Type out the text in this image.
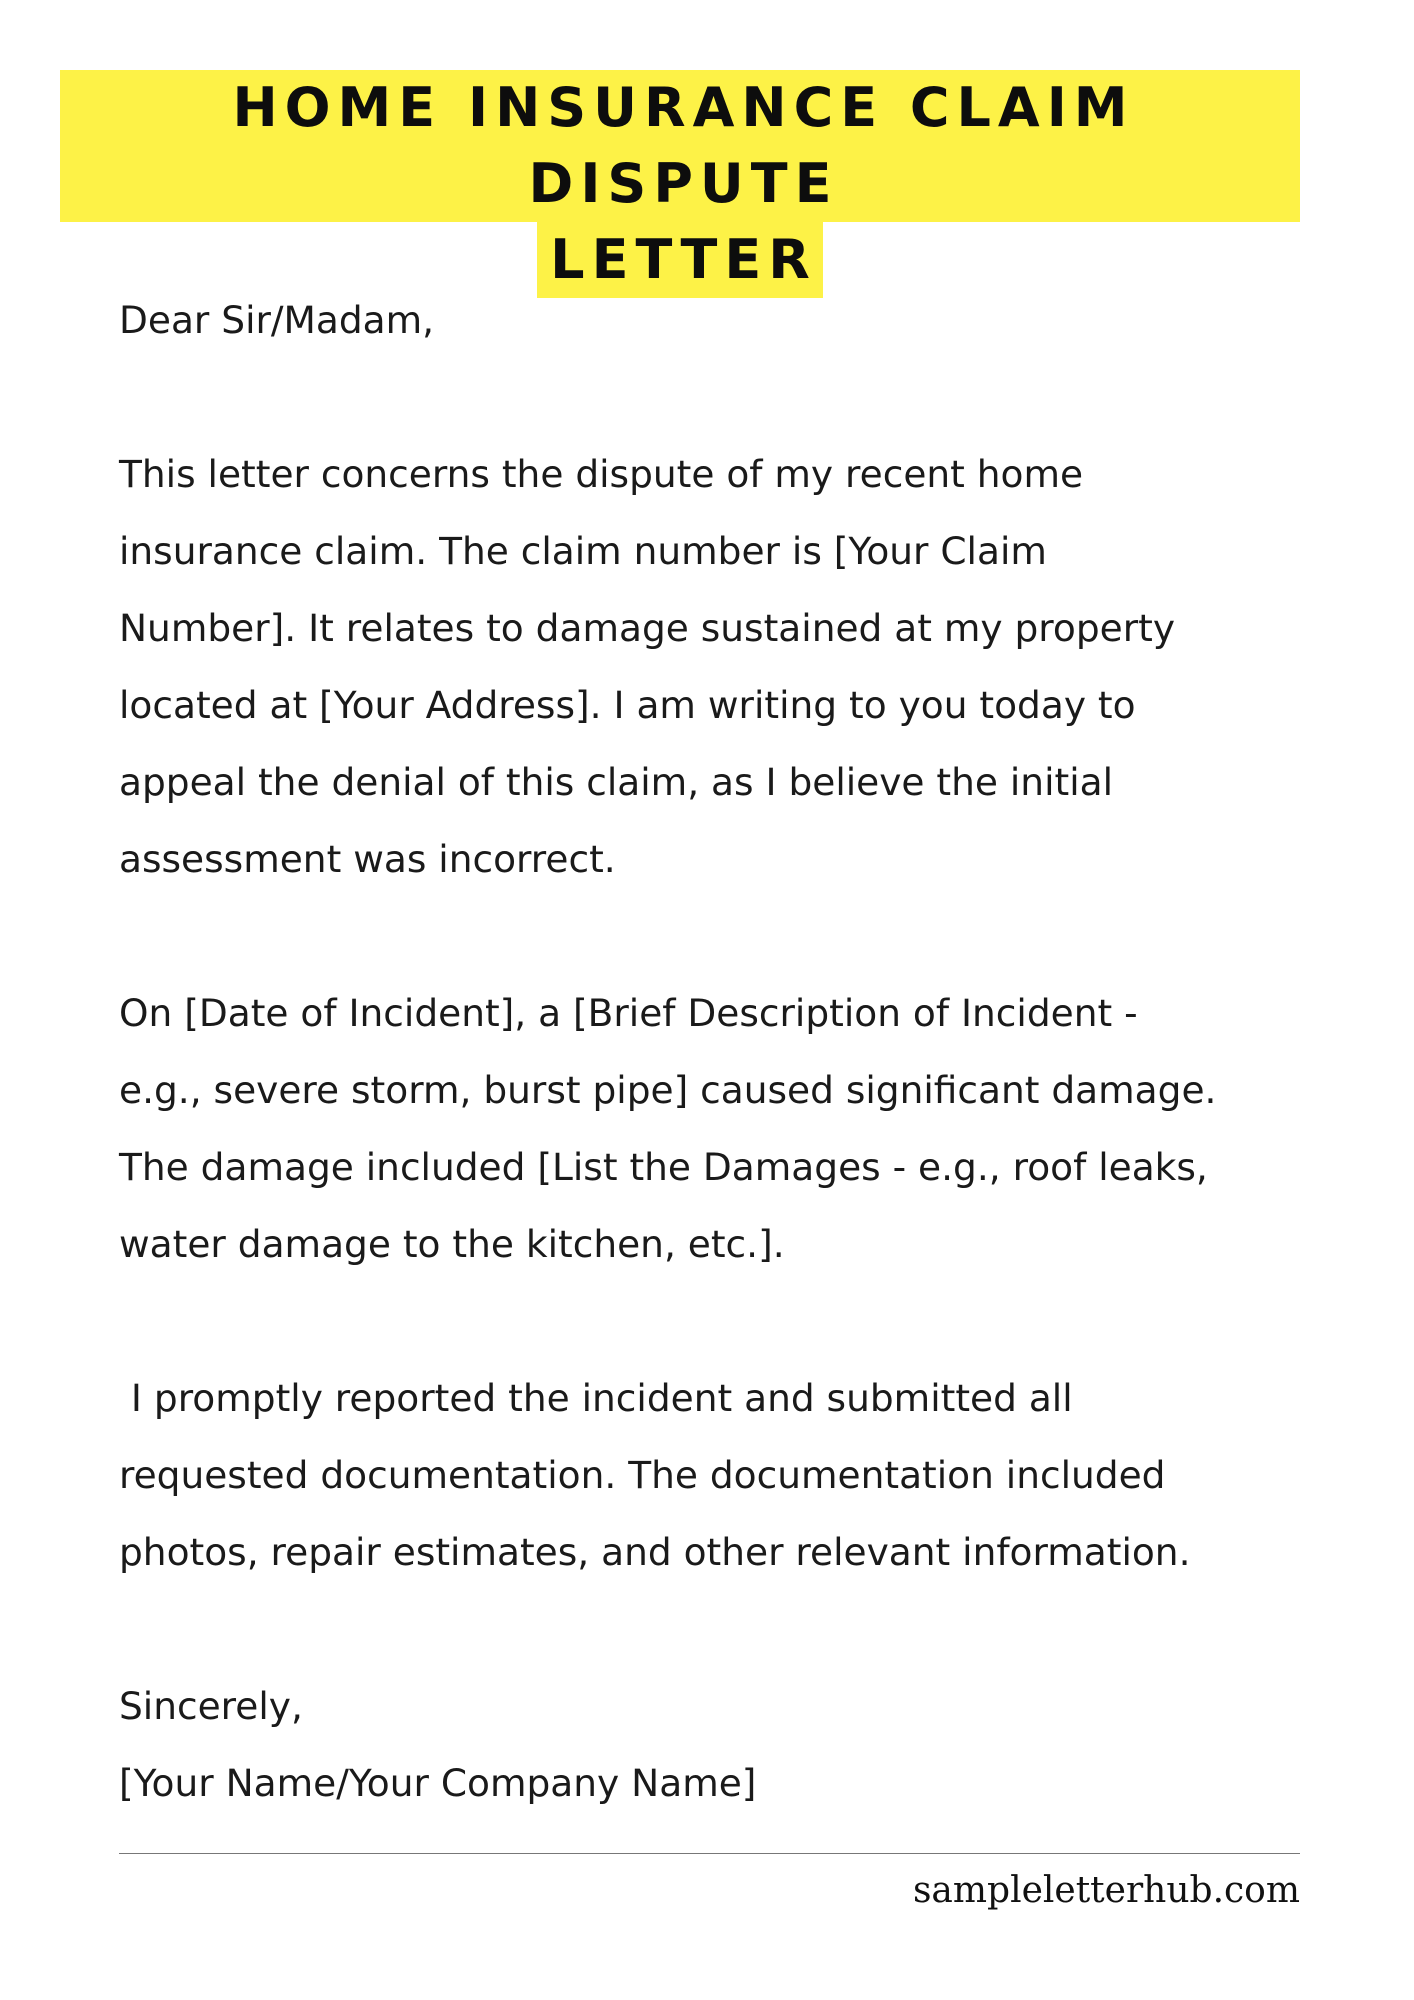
HOME INSURANCE CLAIM DISPUTE
LETTER

Dear Sir/Madam,

This letter concerns the dispute of my recent home

insurance claim. The claim number is [Your Claim

Number]. It relates to damage sustained at my property

located at [Your Address]. I am writing to you today to

appeal the denial of this claim, as I believe the initial

assessment was incorrect.

On [Date of Incident], a [Brief Description of Incident -

e.g., severe storm, burst pipe] caused significant damage.

The damage included [List the Damages - e.g., roof leaks,

water damage to the kitchen, etc.].

I promptly reported the incident and submitted all

requested documentation. The documentation included

photos, repair estimates, and other relevant information.

Sincerely,

[Your Name/Your Company Name]

sampleletterhub.com
